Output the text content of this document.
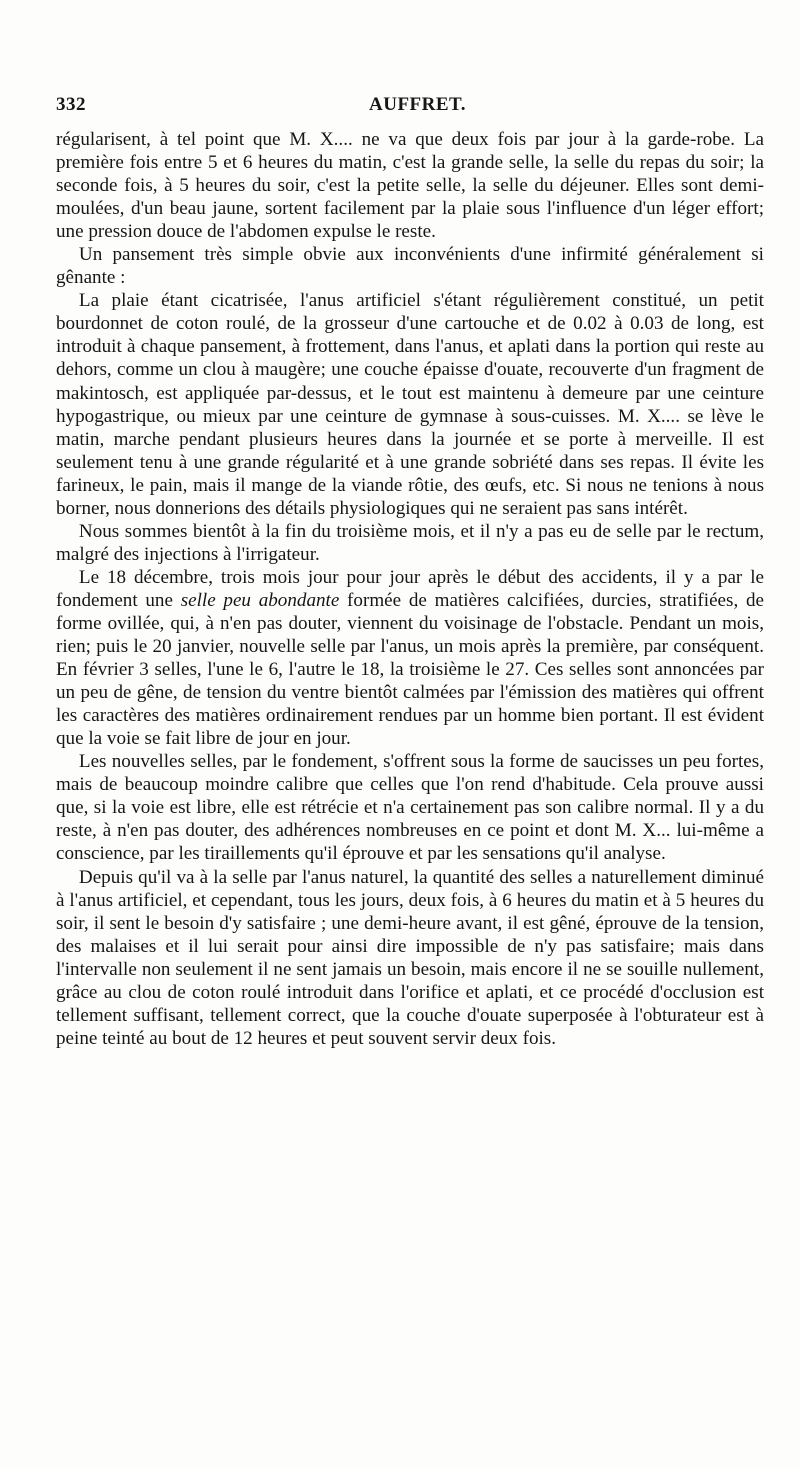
332	AUFFRET.

régularisent, à tel point que M. X.... ne va que deux fois par jour à la garde-robe. La première fois entre 5 et 6 heures du matin, c'est la grande selle, la selle du repas du soir; la seconde fois, à 5 heures du soir, c'est la petite selle, la selle du déjeuner. Elles sont demi-moulées, d'un beau jaune, sortent facilement par la plaie sous l'influence d'un léger effort; une pression douce de l'abdomen expulse le reste.

Un pansement très simple obvie aux inconvénients d'une infirmité généralement si gênante :

La plaie étant cicatrisée, l'anus artificiel s'étant régulièrement constitué, un petit bourdonnet de coton roulé, de la grosseur d'une cartouche et de 0.02 à 0.03 de long, est introduit à chaque pansement, à frottement, dans l'anus, et aplati dans la portion qui reste au dehors, comme un clou à maugère; une couche épaisse d'ouate, recouverte d'un fragment de makintosch, est appliquée par-dessus, et le tout est maintenu à demeure par une ceinture hypogastrique, ou mieux par une ceinture de gymnase à sous-cuisses. M. X.... se lève le matin, marche pendant plusieurs heures dans la journée et se porte à merveille. Il est seulement tenu à une grande régularité et à une grande sobriété dans ses repas. Il évite les farineux, le pain, mais il mange de la viande rôtie, des œufs, etc. Si nous ne tenions à nous borner, nous donnerions des détails physiologiques qui ne seraient pas sans intérêt.

Nous sommes bientôt à la fin du troisième mois, et il n'y a pas eu de selle par le rectum, malgré des injections à l'irrigateur.

Le 18 décembre, trois mois jour pour jour après le début des accidents, il y a par le fondement une selle peu abondante formée de matières calcifiées, durcies, stratifiées, de forme ovillée, qui, à n'en pas douter, viennent du voisinage de l'obstacle. Pendant un mois, rien; puis le 20 janvier, nouvelle selle par l'anus, un mois après la première, par conséquent. En février 3 selles, l'une le 6, l'autre le 18, la troisième le 27. Ces selles sont annoncées par un peu de gêne, de tension du ventre bientôt calmées par l'émission des matières qui offrent les caractères des matières ordinairement rendues par un homme bien portant. Il est évident que la voie se fait libre de jour en jour.

Les nouvelles selles, par le fondement, s'offrent sous la forme de saucisses un peu fortes, mais de beaucoup moindre calibre que celles que l'on rend d'habitude. Cela prouve aussi que, si la voie est libre, elle est rétrécie et n'a certainement pas son calibre normal. Il y a du reste, à n'en pas douter, des adhérences nombreuses en ce point et dont M. X... lui-même a conscience, par les tiraillements qu'il éprouve et par les sensations qu'il analyse.

Depuis qu'il va à la selle par l'anus naturel, la quantité des selles a naturellement diminué à l'anus artificiel, et cependant, tous les jours, deux fois, à 6 heures du matin et à 5 heures du soir, il sent le besoin d'y satisfaire ; une demi-heure avant, il est gêné, éprouve de la tension, des malaises et il lui serait pour ainsi dire impossible de n'y pas satisfaire; mais dans l'intervalle non seulement il ne sent jamais un besoin, mais encore il ne se souille nullement, grâce au clou de coton roulé introduit dans l'orifice et aplati, et ce procédé d'occlusion est tellement suffisant, tellement correct, que la couche d'ouate superposée à l'obturateur est à peine teinté au bout de 12 heures et peut souvent servir deux fois.
